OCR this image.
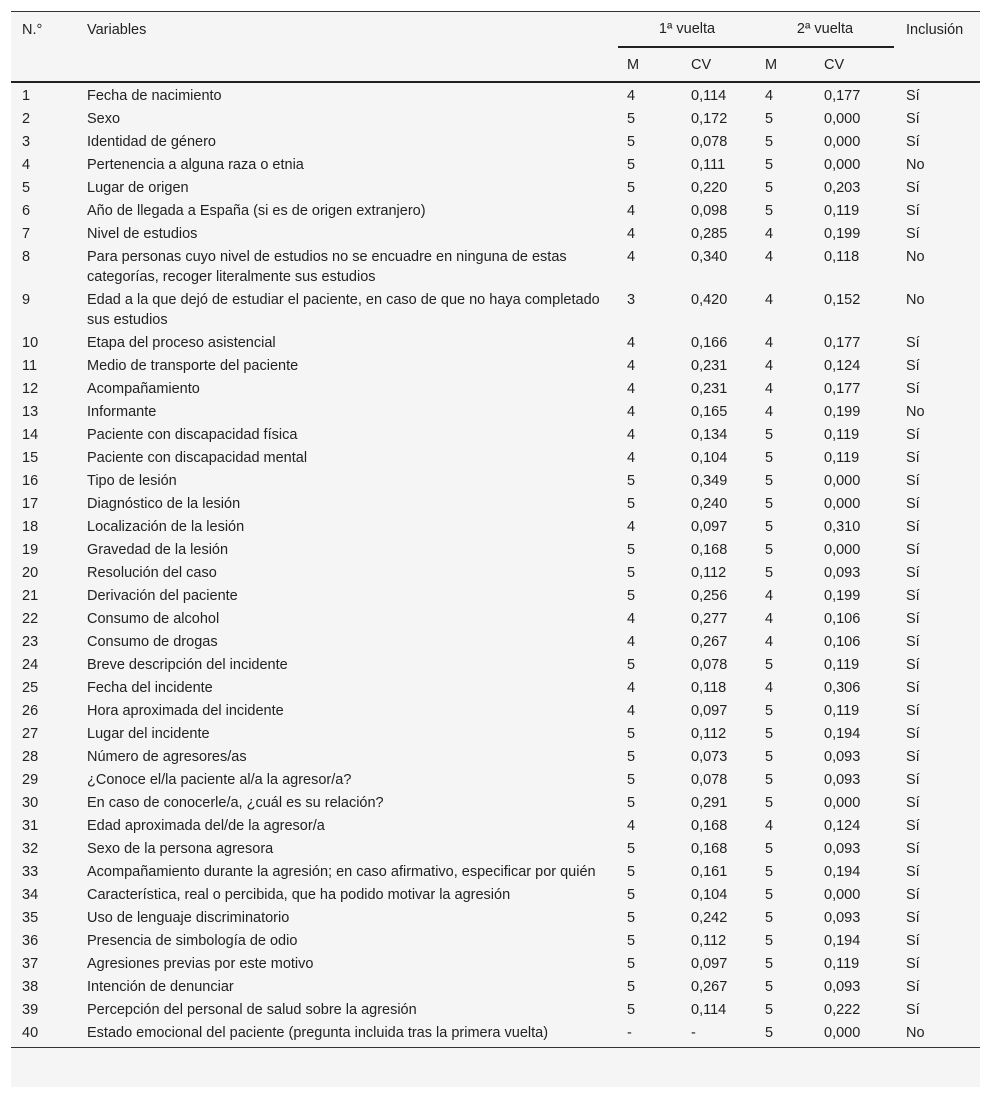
N.°	Variables	1ª vuelta		2ª vuelta		Inclusión
		M	CV	M	CV	
1	Fecha de nacimiento	4	0,114	4	0,177	Sí
2	Sexo	5	0,172	5	0,000	Sí
3	Identidad de género	5	0,078	5	0,000	Sí
4	Pertenencia a alguna raza o etnia	5	0,111	5	0,000	No
5	Lugar de origen	5	0,220	5	0,203	Sí
6	Año de llegada a España (si es de origen extranjero)	4	0,098	5	0,119	Sí
7	Nivel de estudios	4	0,285	4	0,199	Sí
8	Para personas cuyo nivel de estudios no se encuadre en ninguna de estas categorías, recoger literalmente sus estudios	4	0,340	4	0,118	No
9	Edad a la que dejó de estudiar el paciente, en caso de que no haya completado sus estudios	3	0,420	4	0,152	No
10	Etapa del proceso asistencial	4	0,166	4	0,177	Sí
11	Medio de transporte del paciente	4	0,231	4	0,124	Sí
12	Acompañamiento	4	0,231	4	0,177	Sí
13	Informante	4	0,165	4	0,199	No
14	Paciente con discapacidad física	4	0,134	5	0,119	Sí
15	Paciente con discapacidad mental	4	0,104	5	0,119	Sí
16	Tipo de lesión	5	0,349	5	0,000	Sí
17	Diagnóstico de la lesión	5	0,240	5	0,000	Sí
18	Localización de la lesión	4	0,097	5	0,310	Sí
19	Gravedad de la lesión	5	0,168	5	0,000	Sí
20	Resolución del caso	5	0,112	5	0,093	Sí
21	Derivación del paciente	5	0,256	4	0,199	Sí
22	Consumo de alcohol	4	0,277	4	0,106	Sí
23	Consumo de drogas	4	0,267	4	0,106	Sí
24	Breve descripción del incidente	5	0,078	5	0,119	Sí
25	Fecha del incidente	4	0,118	4	0,306	Sí
26	Hora aproximada del incidente	4	0,097	5	0,119	Sí
27	Lugar del incidente	5	0,112	5	0,194	Sí
28	Número de agresores/as	5	0,073	5	0,093	Sí
29	¿Conoce el/la paciente al/a la agresor/a?	5	0,078	5	0,093	Sí
30	En caso de conocerle/a, ¿cuál es su relación?	5	0,291	5	0,000	Sí
31	Edad aproximada del/de la agresor/a	4	0,168	4	0,124	Sí
32	Sexo de la persona agresora	5	0,168	5	0,093	Sí
33	Acompañamiento durante la agresión; en caso afirmativo, especificar por quién	5	0,161	5	0,194	Sí
34	Característica, real o percibida, que ha podido motivar la agresión	5	0,104	5	0,000	Sí
35	Uso de lenguaje discriminatorio	5	0,242	5	0,093	Sí
36	Presencia de simbología de odio	5	0,112	5	0,194	Sí
37	Agresiones previas por este motivo	5	0,097	5	0,119	Sí
38	Intención de denunciar	5	0,267	5	0,093	Sí
39	Percepción del personal de salud sobre la agresión	5	0,114	5	0,222	Sí
40	Estado emocional del paciente (pregunta incluida tras la primera vuelta)	-	-	5	0,000	No
